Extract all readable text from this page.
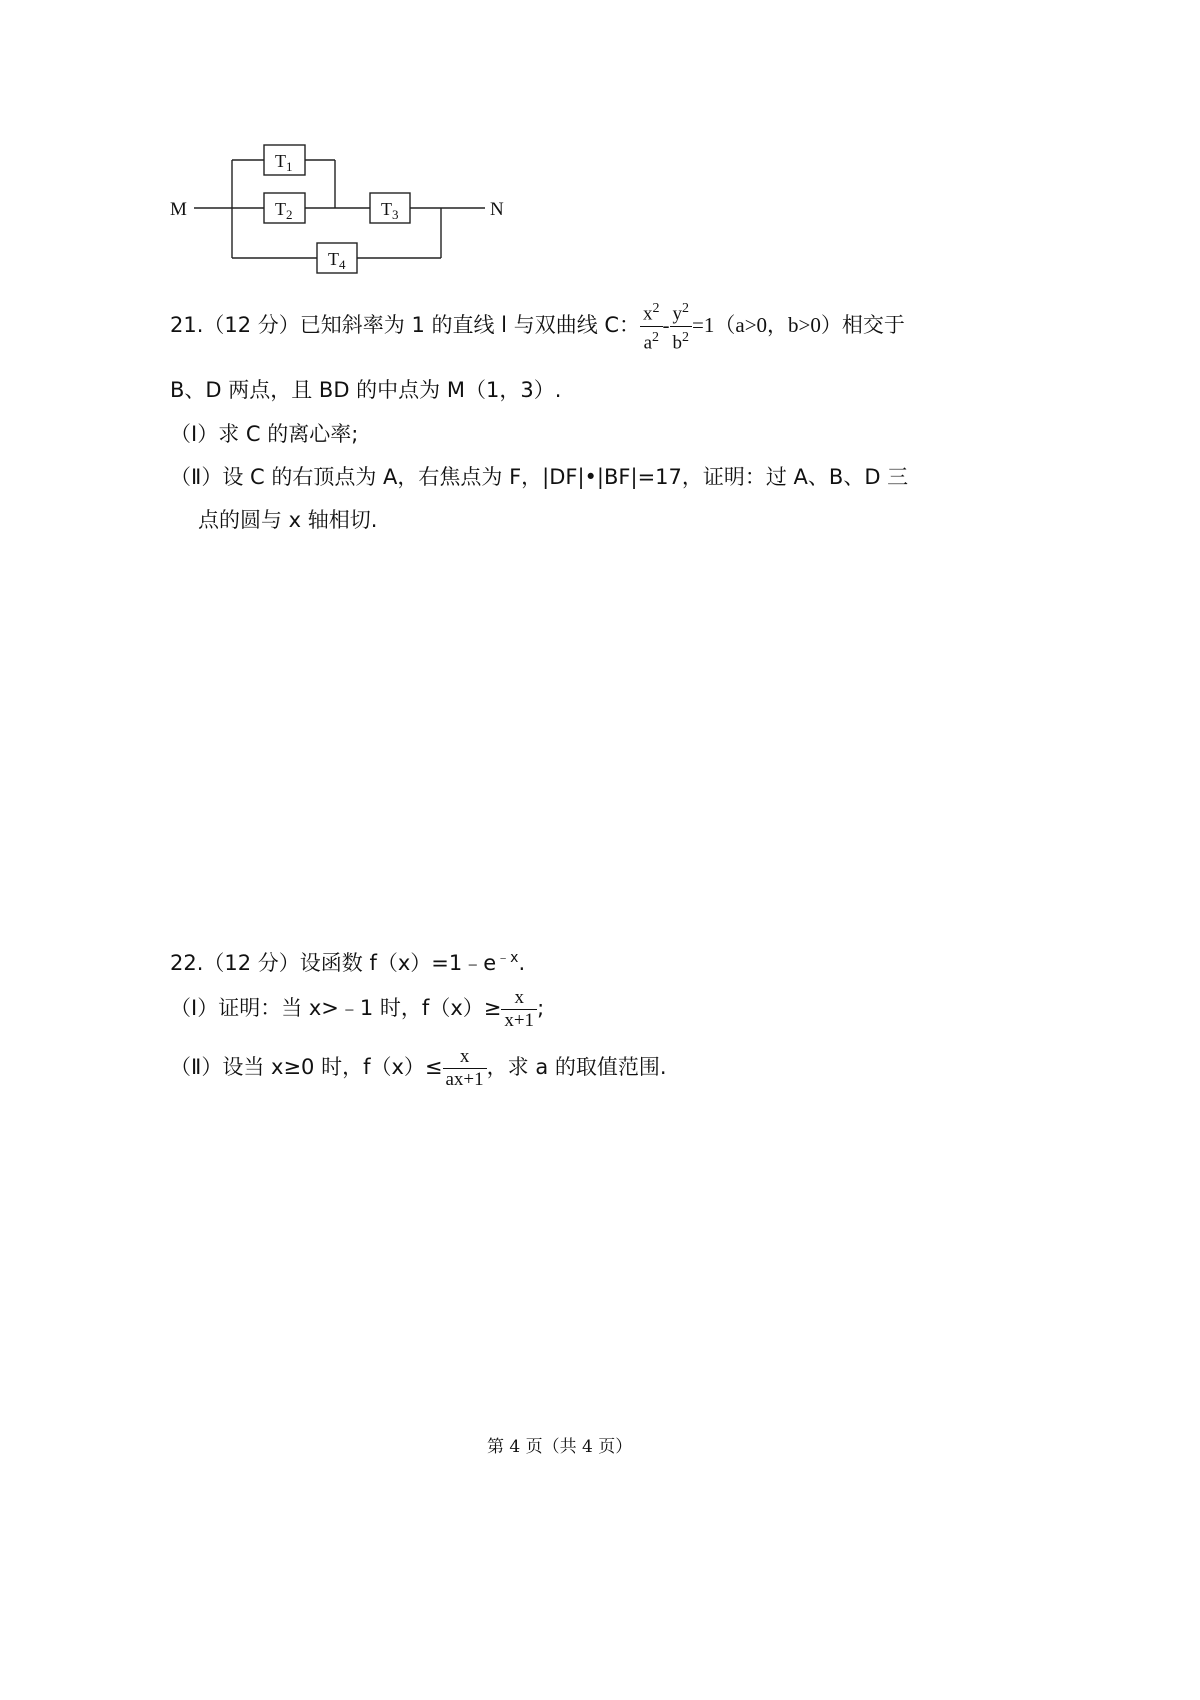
M	N
$T_1$
$T_2$	$T_3$
$T_4$
21.（12 分）已知斜率为 1 的直线 l 与双曲线 C： $\frac{x^2}{a^2} - \frac{y^2}{b^2} =1(a>0$，b>0）相交于
B、D 两点，且 BD 的中点为 M（1，3）.
（Ⅰ）求 C 的离心率;
（Ⅱ）设 C 的右顶点为 A，右焦点为 F，|DF|•|BF|=17，证明：过 A、B、D 三
点的圆与 x 轴相切.
22.（12 分）设函数 $f(x)=1﹣e^{﹣x}$.
（Ⅰ）证明：当 x>﹣1 时，$f(x)\ge \frac{x}{x+1}$ ;
（Ⅱ）设当 x≥0 时，$f(x)\le \frac{x}{ax+1}$ ，求 a 的取值范围.
第 4 页（共 4 页）
